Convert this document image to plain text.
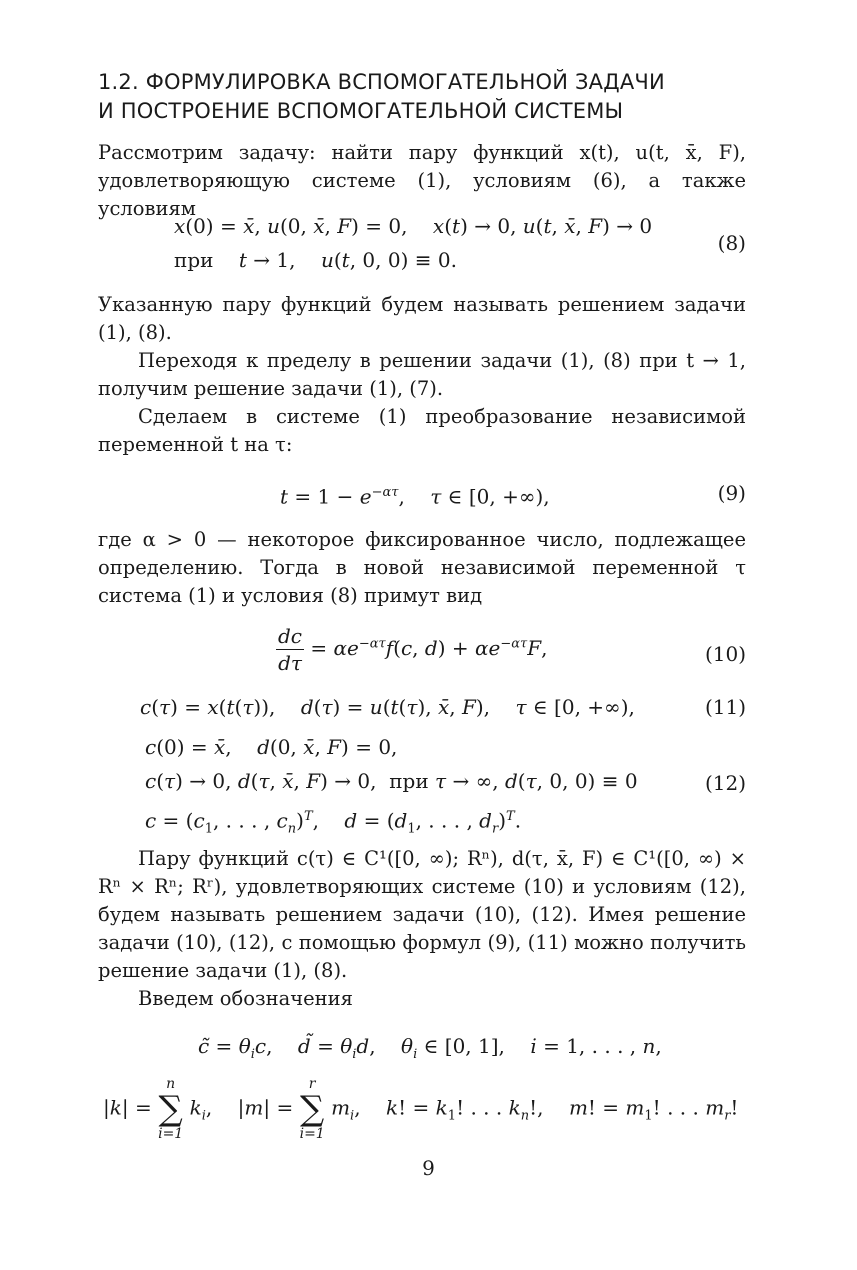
1.2. ФОРМУЛИРОВКА ВСПОМОГАТЕЛЬНОЙ ЗАДАЧИ
И ПОСТРОЕНИЕ ВСПОМОГАТЕЛЬНОЙ СИСТЕМЫ

Рассмотрим задачу: найти пару функций x(t), u(t, x̄, F), удовлетворяющую системе (1), условиям (6), а также условиям

x(0) = x̄, u(0, x̄, F) = 0,    x(t) → 0, u(t, x̄, F) → 0
при    t → 1,    u(t, 0, 0) ≡ 0.
(8)

Указанную пару функций будем называть решением задачи (1), (8).

Переходя к пределу в решении задачи (1), (8) при t → 1, получим решение задачи (1), (7).

Сделаем в системе (1) преобразование независимой переменной t на τ:

$t = 1 - e^{-\alpha\tau}$,    τ ∈ [0, +∞),	(9)

где α > 0 — некоторое фиксированное число, подлежащее определению. Тогда в новой независимой переменной τ система (1) и условия (8) примут вид

$\frac{dc}{d\tau} = \alpha e^{-\alpha\tau}f(c$, $d) + \alpha e^{-\alpha\tau}F$,	(10)
c(τ) = x(t(τ)),    d(τ) = u(t(τ), x̄, F),    τ ∈ [0, +∞),	(11)
c(0) = x̄,    d(0, x̄, F) = 0,
c(τ) → 0, d(τ, x̄, F) → 0,  при τ → ∞, d(τ, 0, 0) ≡ 0
$c = (c_1$, . . . , $c_n)^T$,    $d = (d_1$, . . . , $d_r)^T$.
(12)

Пару функций c(τ) ∈ C¹([0, ∞); Rⁿ), d(τ, x̄, F) ∈ C¹([0, ∞) × Rⁿ × Rⁿ; Rʳ), удовлетворяющих системе (10) и условиям (12), будем называть решением задачи (10), (12). Имея решение задачи (10), (12), с помощью формул (9), (11) можно получить решение задачи (1), (8).

Введем обозначения

c̃ = $\theta_ic$,    d̃ = $\theta_id$,    $\theta_i$ ∈ [0, 1],    i = 1, . . . , n,
|k| =
n
∑
i=1
$k_i$,    |m| =
r
∑
i=1
$m_i$,    k! = $k_1$! . . . $k_n$!,    m! = $m_1$! . . . $m_r$!
9
